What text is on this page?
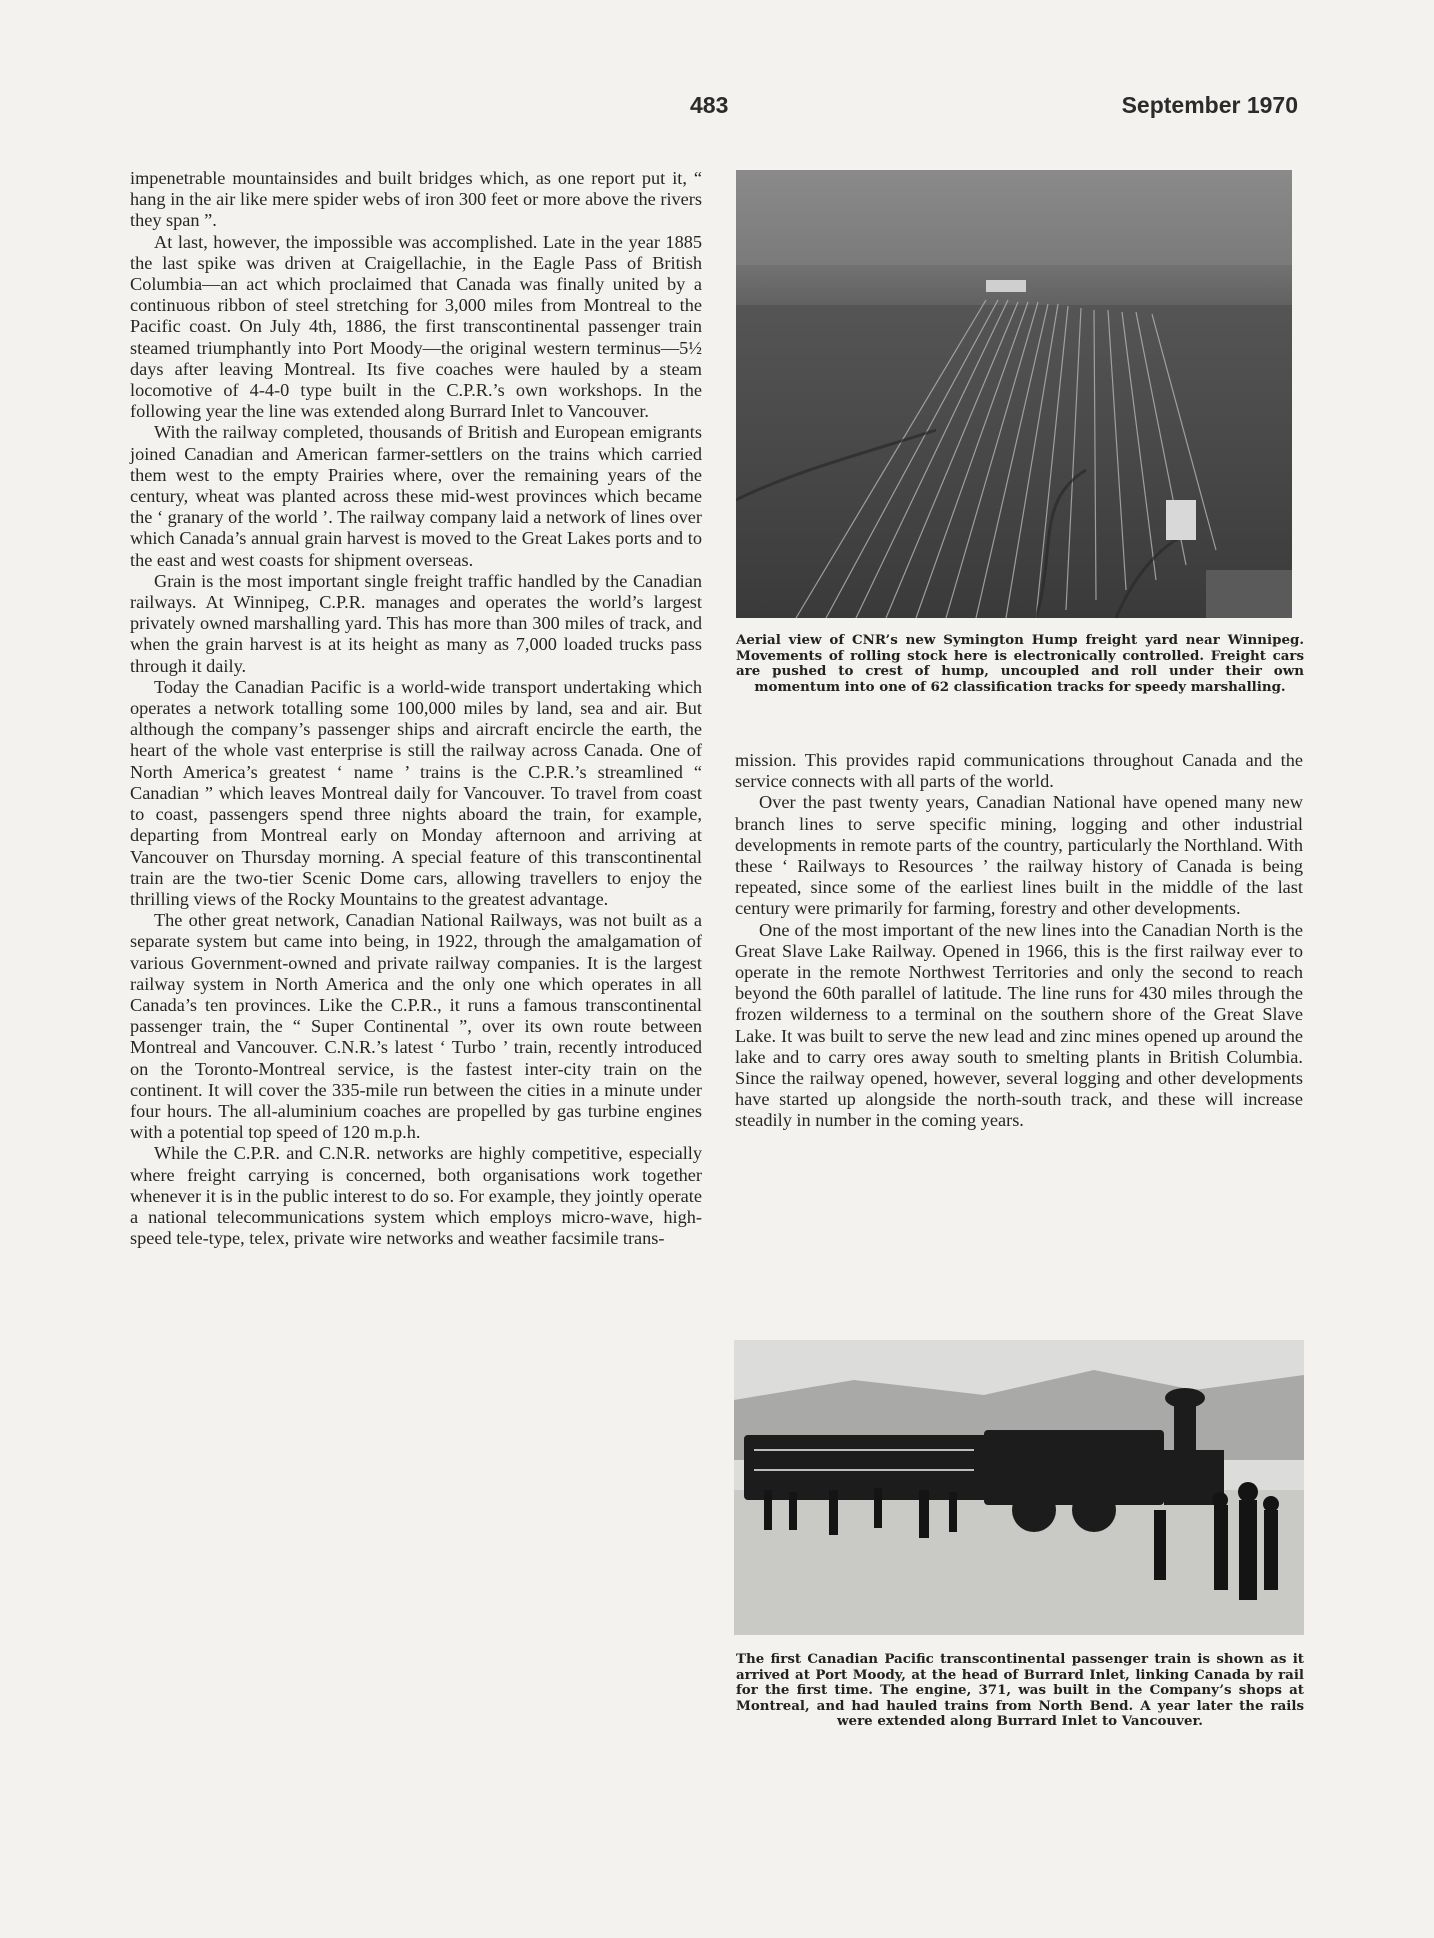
483	September 1970

impenetrable mountainsides and built bridges which, as one report put it, “ hang in the air like mere spider webs of iron 300 feet or more above the rivers they span ”.

At last, however, the impossible was accomplished. Late in the year 1885 the last spike was driven at Craigellachie, in the Eagle Pass of British Columbia—an act which proclaimed that Canada was finally united by a continuous ribbon of steel stretching for 3,000 miles from Montreal to the Pacific coast. On July 4th, 1886, the first transcontinental passenger train steamed triumphantly into Port Moody—the original western terminus—5½ days after leaving Montreal. Its five coaches were hauled by a steam locomotive of 4-4-0 type built in the C.P.R.’s own workshops. In the following year the line was extended along Burrard Inlet to Vancouver.

With the railway completed, thousands of British and European emigrants joined Canadian and American farmer-settlers on the trains which carried them west to the empty Prairies where, over the remaining years of the century, wheat was planted across these mid-west provinces which became the ‘ granary of the world ’. The railway company laid a network of lines over which Canada’s annual grain harvest is moved to the Great Lakes ports and to the east and west coasts for shipment overseas.

Grain is the most important single freight traffic handled by the Canadian railways. At Winnipeg, C.P.R. manages and operates the world’s largest privately owned marshalling yard. This has more than 300 miles of track, and when the grain harvest is at its height as many as 7,000 loaded trucks pass through it daily.

Today the Canadian Pacific is a world-wide transport undertaking which operates a network totalling some 100,000 miles by land, sea and air. But although the company’s passenger ships and aircraft encircle the earth, the heart of the whole vast enterprise is still the railway across Canada. One of North America’s greatest ‘ name ’ trains is the C.P.R.’s streamlined “ Canadian ” which leaves Montreal daily for Vancouver. To travel from coast to coast, passengers spend three nights aboard the train, for example, departing from Montreal early on Monday afternoon and arriving at Vancouver on Thursday morning. A special feature of this transcontinental train are the two-tier Scenic Dome cars, allowing travellers to enjoy the thrilling views of the Rocky Mountains to the greatest advantage.

The other great network, Canadian National Railways, was not built as a separate system but came into being, in 1922, through the amalgamation of various Government-owned and private railway companies. It is the largest railway system in North America and the only one which operates in all Canada’s ten provinces. Like the C.P.R., it runs a famous transcontinental passenger train, the “ Super Continental ”, over its own route between Montreal and Vancouver. C.N.R.’s latest ‘ Turbo ’ train, recently introduced on the Toronto-Montreal service, is the fastest inter-city train on the continent. It will cover the 335-mile run between the cities in a minute under four hours. The all-aluminium coaches are propelled by gas turbine engines with a potential top speed of 120 m.p.h.

While the C.P.R. and C.N.R. networks are highly competitive, especially where freight carrying is concerned, both organisations work together whenever it is in the public interest to do so. For example, they jointly operate a national telecommunications system which employs micro-wave, high-speed tele-type, telex, private wire networks and weather facsimile trans-

Aerial view of CNR’s new Symington Hump freight yard near Winnipeg. Movements of rolling stock here is electronically controlled. Freight cars are pushed to crest of hump, uncoupled and roll under their own momentum into one of 62 classification tracks for speedy marshalling.

mission. This provides rapid communications throughout Canada and the service connects with all parts of the world.

Over the past twenty years, Canadian National have opened many new branch lines to serve specific mining, logging and other industrial developments in remote parts of the country, particularly the Northland. With these ‘ Railways to Resources ’ the railway history of Canada is being repeated, since some of the earliest lines built in the middle of the last century were primarily for farming, forestry and other developments.

One of the most important of the new lines into the Canadian North is the Great Slave Lake Railway. Opened in 1966, this is the first railway ever to operate in the remote Northwest Territories and only the second to reach beyond the 60th parallel of latitude. The line runs for 430 miles through the frozen wilderness to a terminal on the southern shore of the Great Slave Lake. It was built to serve the new lead and zinc mines opened up around the lake and to carry ores away south to smelting plants in British Columbia. Since the railway opened, however, several logging and other developments have started up alongside the north-south track, and these will increase steadily in number in the coming years.

The first Canadian Pacific transcontinental passenger train is shown as it arrived at Port Moody, at the head of Burrard Inlet, linking Canada by rail for the first time. The engine, 371, was built in the Company’s shops at Montreal, and had hauled trains from North Bend. A year later the rails were extended along Burrard Inlet to Vancouver.
